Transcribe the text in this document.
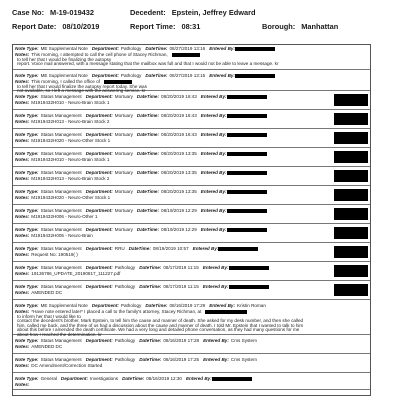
Case No: M-19-019432	Decedent: Epstein, Jeffrey Edward
Report Date: 08/10/2019	Report Time: 08:31	Borough: Manhattan
Note Type: ME Supplemental Note Department: Pathology DateTime: 08/27/2019 13:16 Entered By:
Notes: This morning, I attempted to call the cell phone of Stacey Richman,
to tell her that I would be finalizing the autopsy
report. Voice mail answered, with a message stating that the mailbox was full and that I would not be able to leave a message. kr
Note Type: ME Supplemental Note Department: Pathology DateTime: 08/27/2019 13:15 Entered By:
Notes: This morning, I called the office of
to tell her that I would finalize the autopsy report today. She was
not available, so I left a message with the answering service. kr
Note Type: Status Management Department: Mortuary DateTime: 08/20/2019 16:43 Entered By:
Notes: M1919432H010 - Neuro-Brain Stock 1
Note Type: Status Management Department: Mortuary DateTime: 08/20/2019 16:43 Entered By:
Notes: M1919432H013 - Neuro-Brain Stock 2
Note Type: Status Management Department: Mortuary DateTime: 08/20/2019 16:43 Entered By:
Notes: M1919432H020 - Neuro-Other Stock 1
Note Type: Status Management Department: Mortuary DateTime: 08/20/2019 13:35 Entered By:
Notes: M1919432H010 - Neuro-Brain Stock 1
Note Type: Status Management Department: Mortuary DateTime: 08/20/2019 13:35 Entered By:
Notes: M1919432H013 - Neuro-Brain Stock 2
Note Type: Status Management Department: Mortuary DateTime: 08/20/2019 13:35 Entered By:
Notes: M1919432H020 - Neuro-Other Stock 1
Note Type: Status Management Department: Mortuary DateTime: 08/19/2019 12:29 Entered By:
Notes: M1919432H006 - Neuro-Other 1
Note Type: Status Management Department: Mortuary DateTime: 08/19/2019 12:29 Entered By:
Notes: M1919432H005 - Neuro-Brain
Note Type: Status Management Department: RRU DateTime: 08/19/2019 10:57 Entered By:
Notes: Request No: 190519( )
Note Type: Status Management Department: Pathology DateTime: 08/17/2019 11:15 Entered By:
Notes: 19136786_UPDATE_20190817_111227.pdf
Note Type: Status Management Department: Pathology DateTime: 08/17/2019 11:15 Entered By:
Notes: AMENDED DC
Note Type: ME Supplemental Note Department: Pathology DateTime: 08/16/2019 17:29 Entered By: Kristin Roman
Notes: *Have note entered later* I placed a call to the family's attorney, Stacey Richman, at
to inform her that I would like to
contact the decedent's brother, Mark Epstein, to tell him the cause and manner of death. She asked for my desk number, and then she called
him, called me back, and the three of us had a discussion about the cause and manner of death. I told Mr. Epstein that I wanted to talk to him
about this before I amended the death certificate. We had a very long and detailed phone conversation, as they had many questions for me
about how I reached the determination. kr
Note Type: Status Management Department: Pathology DateTime: 08/16/2019 17:28 Entered By: Cms System
Notes: AMENDED DC
Note Type: Status Management Department: Pathology DateTime: 08/16/2019 17:25 Entered By: Cms System
Notes: DC Amendment/Correction Started
Note Type: General Department: Investigations DateTime: 08/16/2019 12:30 Entered By:
Notes:
